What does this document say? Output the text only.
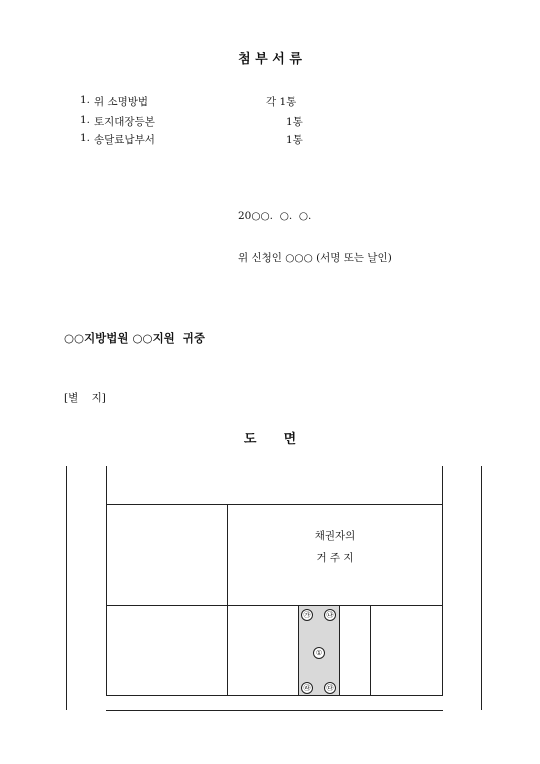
첨 부 서 류
1. 위 소명방법	각 1통
1. 토지대장등본	1통
1. 송달료납부서	1통
20○○.  ○.  ○.
위 신청인 ○○○ (서명 또는 날인)
○○지방법원 ○○지원  귀중
[별    지]
도      면
채권자의
거 주 지
㉮	㉯
①
㉱	㉰
